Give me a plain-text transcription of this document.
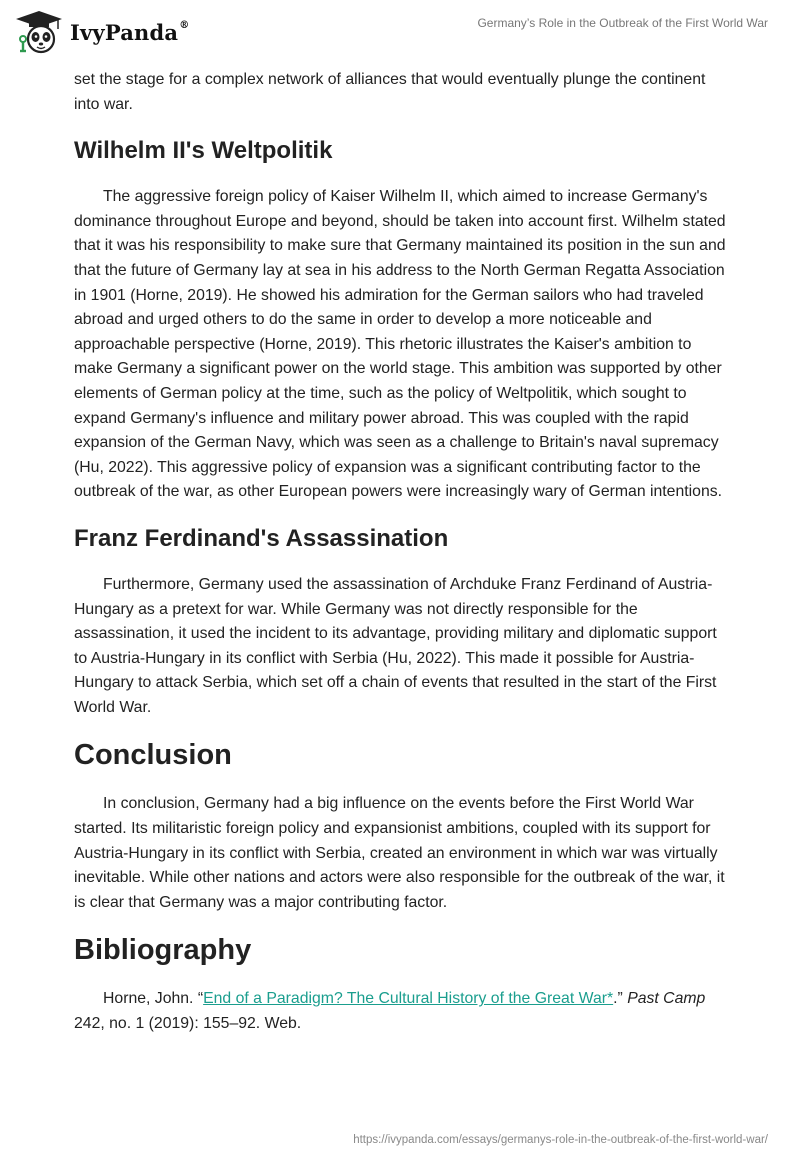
IvyPanda®	Germany’s Role in the Outbreak of the First World War

set the stage for a complex network of alliances that would eventually plunge the continent into war.

Wilhelm II's Weltpolitik

The aggressive foreign policy of Kaiser Wilhelm II, which aimed to increase Germany's dominance throughout Europe and beyond, should be taken into account first. Wilhelm stated that it was his responsibility to make sure that Germany maintained its position in the sun and that the future of Germany lay at sea in his address to the North German Regatta Association in 1901 (Horne, 2019). He showed his admiration for the German sailors who had traveled abroad and urged others to do the same in order to develop a more noticeable and approachable perspective (Horne, 2019). This rhetoric illustrates the Kaiser's ambition to make Germany a significant power on the world stage. This ambition was supported by other elements of German policy at the time, such as the policy of Weltpolitik, which sought to expand Germany's influence and military power abroad. This was coupled with the rapid expansion of the German Navy, which was seen as a challenge to Britain's naval supremacy (Hu, 2022). This aggressive policy of expansion was a significant contributing factor to the outbreak of the war, as other European powers were increasingly wary of German intentions.

Franz Ferdinand's Assassination

Furthermore, Germany used the assassination of Archduke Franz Ferdinand of Austria-Hungary as a pretext for war. While Germany was not directly responsible for the assassination, it used the incident to its advantage, providing military and diplomatic support to Austria-Hungary in its conflict with Serbia (Hu, 2022). This made it possible for Austria-Hungary to attack Serbia, which set off a chain of events that resulted in the start of the First World War.

Conclusion

In conclusion, Germany had a big influence on the events before the First World War started. Its militaristic foreign policy and expansionist ambitions, coupled with its support for Austria-Hungary in its conflict with Serbia, created an environment in which war was virtually inevitable. While other nations and actors were also responsible for the outbreak of the war, it is clear that Germany was a major contributing factor.

Bibliography

Horne, John. “End of a Paradigm? The Cultural History of the Great War*.” Past Camp 242, no. 1 (2019): 155–92. Web.

https://ivypanda.com/essays/germanys-role-in-the-outbreak-of-the-first-world-war/
